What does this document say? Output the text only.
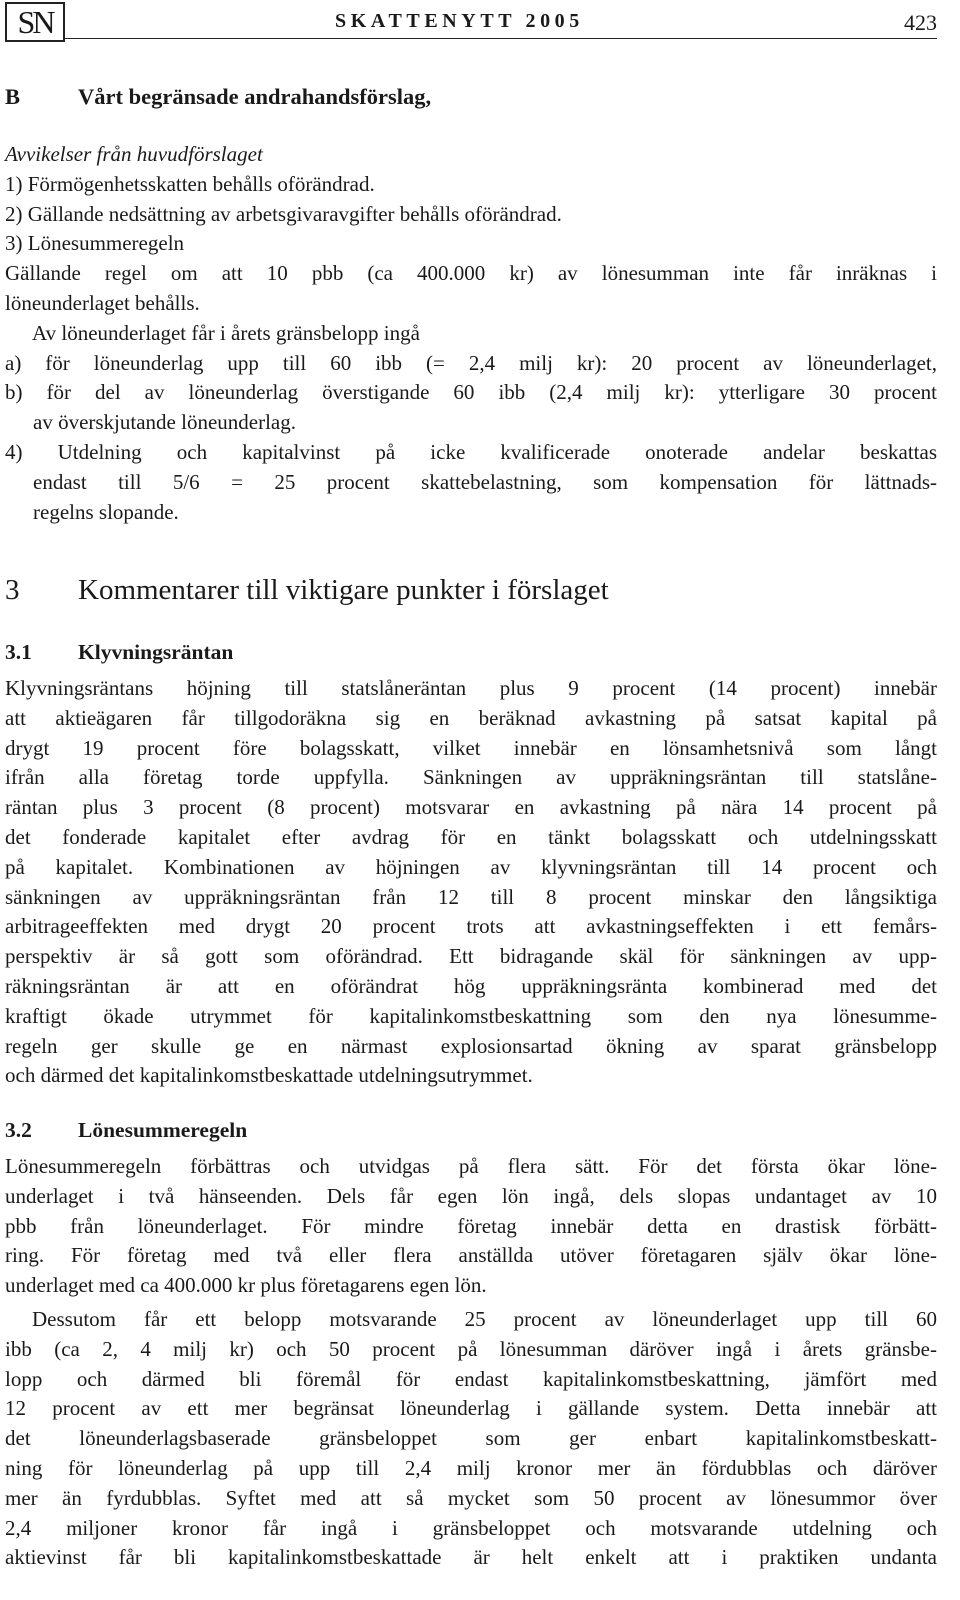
SN	SKATTENYTT 2005	423
B	Vårt begränsade andrahandsförslag,
Avvikelser från huvudförslaget
1) Förmögenhetsskatten behålls oförändrad.
2) Gällande nedsättning av arbetsgivaravgifter behålls oförändrad.
3) Lönesummeregeln
Gällande regel om att 10 pbb (ca 400.000 kr) av lönesumman inte får inräknas i
löneunderlaget behålls.
Av löneunderlaget får i årets gränsbelopp ingå
a) för löneunderlag upp till 60 ibb (= 2,4 milj kr): 20 procent av löneunderlaget,
b) för del av löneunderlag överstigande 60 ibb (2,4 milj kr): ytterligare 30 procent
av överskjutande löneunderlag.
4) Utdelning och kapitalvinst på icke kvalificerade onoterade andelar beskattas
endast till 5/6 = 25 procent skattebelastning, som kompensation för lättnads-
regelns slopande.
3 Kommentarer till viktigare punkter i förslaget
3.1 Klyvningsräntan
Klyvningsräntans höjning till statslåneräntan plus 9 procent (14 procent) innebär
att aktieägaren får tillgodoräkna sig en beräknad avkastning på satsat kapital på
drygt 19 procent före bolagsskatt, vilket innebär en lönsamhetsnivå som långt
ifrån alla företag torde uppfylla. Sänkningen av uppräkningsräntan till statslåne-
räntan plus 3 procent (8 procent) motsvarar en avkastning på nära 14 procent på
det fonderade kapitalet efter avdrag för en tänkt bolagsskatt och utdelningsskatt
på kapitalet. Kombinationen av höjningen av klyvningsräntan till 14 procent och
sänkningen av uppräkningsräntan från 12 till 8 procent minskar den långsiktiga
arbitrageeffekten med drygt 20 procent trots att avkastningseffekten i ett femårs-
perspektiv är så gott som oförändrad. Ett bidragande skäl för sänkningen av upp-
räkningsräntan är att en oförändrat hög uppräkningsränta kombinerad med det
kraftigt ökade utrymmet för kapitalinkomstbeskattning som den nya lönesumme-
regeln ger skulle ge en närmast explosionsartad ökning av sparat gränsbelopp
och därmed det kapitalinkomstbeskattade utdelningsutrymmet.
3.2 Lönesummeregeln
Lönesummeregeln förbättras och utvidgas på flera sätt. För det första ökar löne-
underlaget i två hänseenden. Dels får egen lön ingå, dels slopas undantaget av 10
pbb från löneunderlaget. För mindre företag innebär detta en drastisk förbätt-
ring. För företag med två eller flera anställda utöver företagaren själv ökar löne-
underlaget med ca 400.000 kr plus företagarens egen lön.
Dessutom får ett belopp motsvarande 25 procent av löneunderlaget upp till 60
ibb (ca 2, 4 milj kr) och 50 procent på lönesumman däröver ingå i årets gränsbe-
lopp och därmed bli föremål för endast kapitalinkomstbeskattning, jämfört med
12 procent av ett mer begränsat löneunderlag i gällande system. Detta innebär att
det löneunderlagsbaserade gränsbeloppet som ger enbart kapitalinkomstbeskatt-
ning för löneunderlag på upp till 2,4 milj kronor mer än fördubblas och däröver
mer än fyrdubblas. Syftet med att så mycket som 50 procent av lönesummor över
2,4 miljoner kronor får ingå i gränsbeloppet och motsvarande utdelning och
aktievinst får bli kapitalinkomstbeskattade är helt enkelt att i praktiken undanta
